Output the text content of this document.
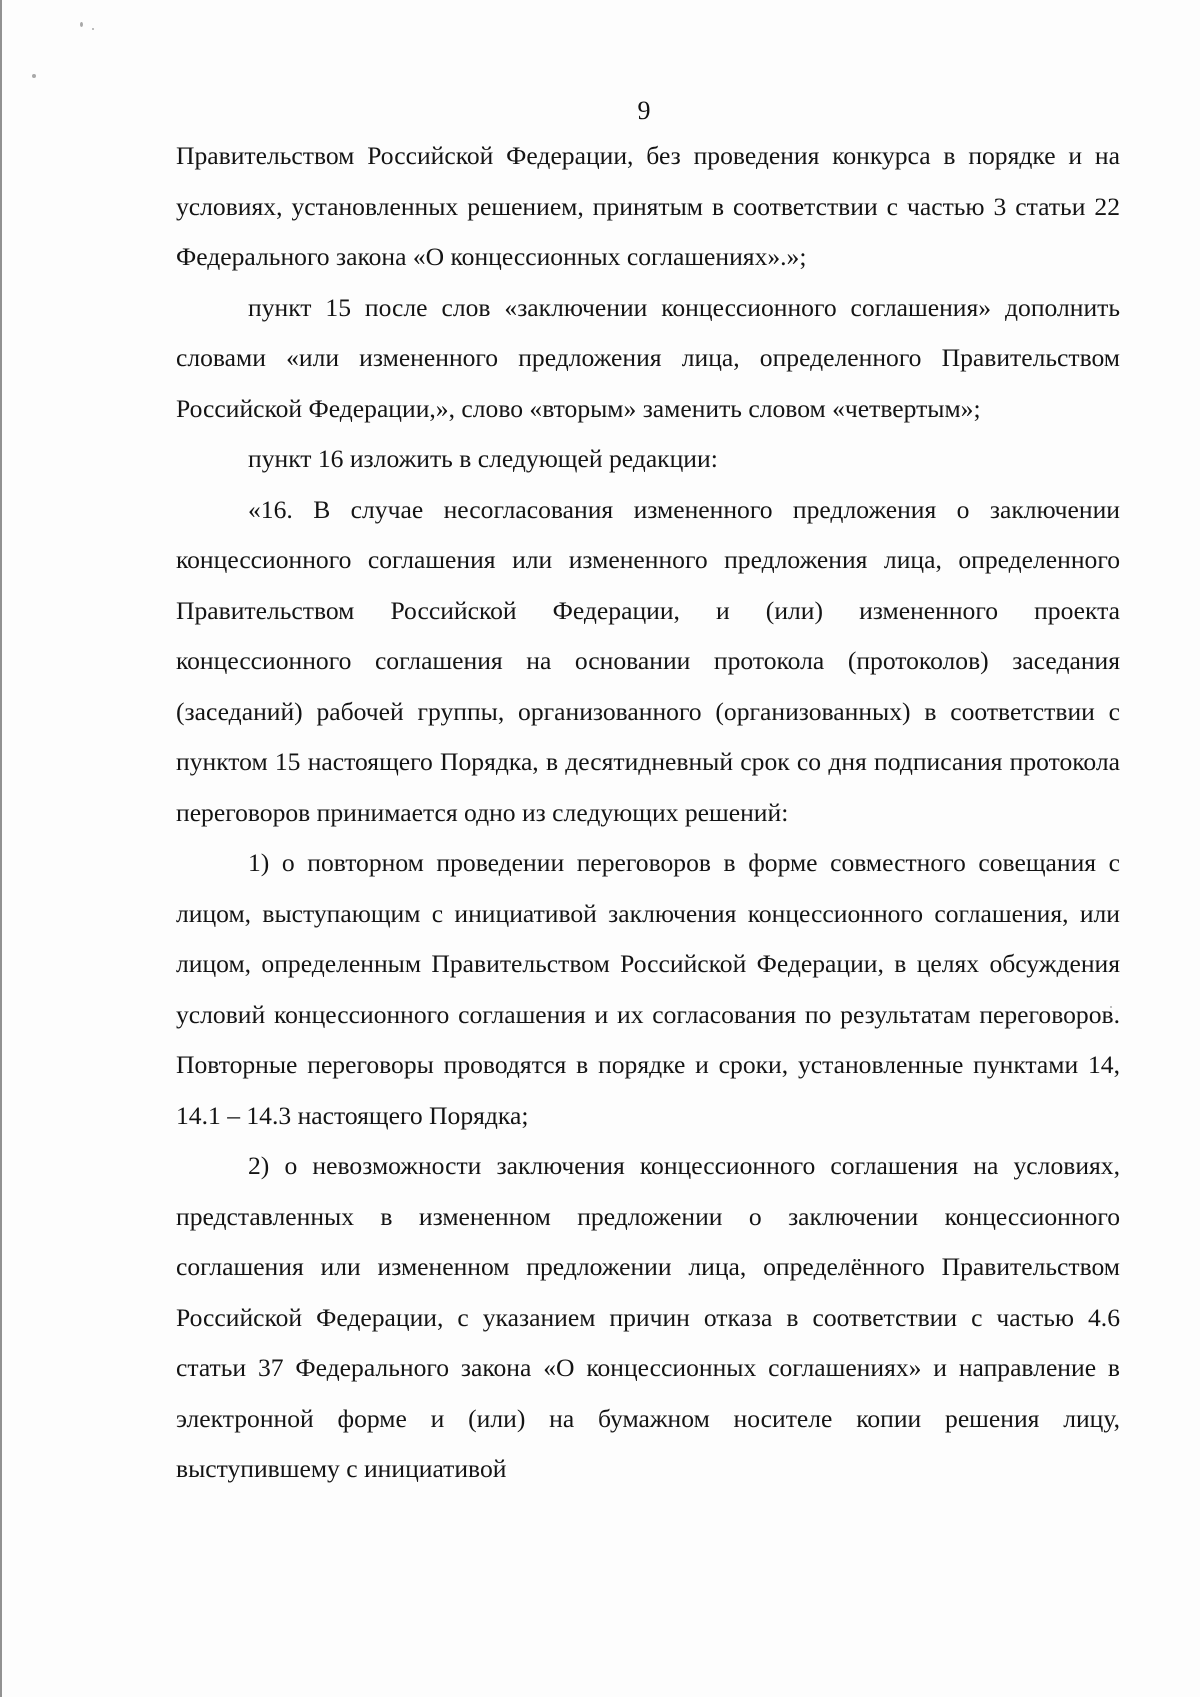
9

Правительством Российской Федерации, без проведения конкурса в порядке и на условиях, установленных решением, принятым в соответствии с частью 3 статьи 22 Федерального закона «О концессионных соглашениях».»;

пункт 15 после слов «заключении концессионного соглашения» дополнить словами «или измененного предложения лица, определенного Правительством Российской Федерации,», слово «вторым» заменить словом «четвертым»;

пункт 16 изложить в следующей редакции:

«16. В случае несогласования измененного предложения о заключении концессионного соглашения или измененного предложения лица, определенного Правительством Российской Федерации, и (или) измененного проекта концессионного соглашения на основании протокола (протоколов) заседания (заседаний) рабочей группы, организованного (организованных) в соответствии с пунктом 15 настоящего Порядка, в десятидневный срок со дня подписания протокола переговоров принимается одно из следующих решений:

1) о повторном проведении переговоров в форме совместного совещания с лицом, выступающим с инициативой заключения концессионного соглашения, или лицом, определенным Правительством Российской Федерации, в целях обсуждения условий концессионного соглашения и их согласования по результатам переговоров. Повторные переговоры проводятся в порядке и сроки, установленные пунктами 14, 14.1 – 14.3 настоящего Порядка;

2) о невозможности заключения концессионного соглашения на условиях, представленных в измененном предложении о заключении концессионного соглашения или измененном предложении лица, определённого Правительством Российской Федерации, с указанием причин отказа в соответствии с частью 4.6 статьи 37 Федерального закона «О концессионных соглашениях» и направление в электронной форме и (или) на бумажном носителе копии решения лицу, выступившему с инициативой
